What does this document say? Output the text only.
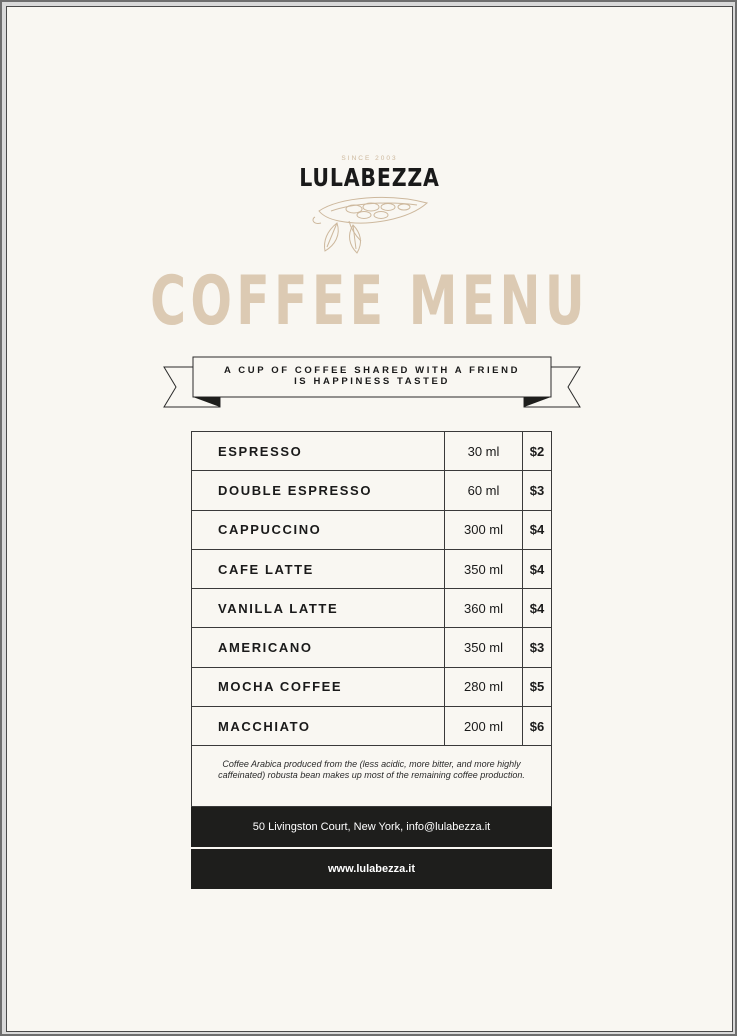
SINCE 2003
LULABEZZA
COFFEE MENU
A CUP OF COFFEE SHARED WITH A FRIEND
IS HAPPINESS TASTED
ESPRESSO	30 ml	$2
DOUBLE ESPRESSO	60 ml	$3
CAPPUCCINO	300 ml	$4
CAFE LATTE	350 ml	$4
VANILLA LATTE	360 ml	$4
AMERICANO	350 ml	$3
MOCHA COFFEE	280 ml	$5
MACCHIATO	200 ml	$6
Coffee Arabica produced from the (less acidic, more bitter, and more highly caffeinated) robusta bean makes up most of the remaining coffee production.
50 Livingston Court, New York, info@lulabezza.it
www.lulabezza.it
